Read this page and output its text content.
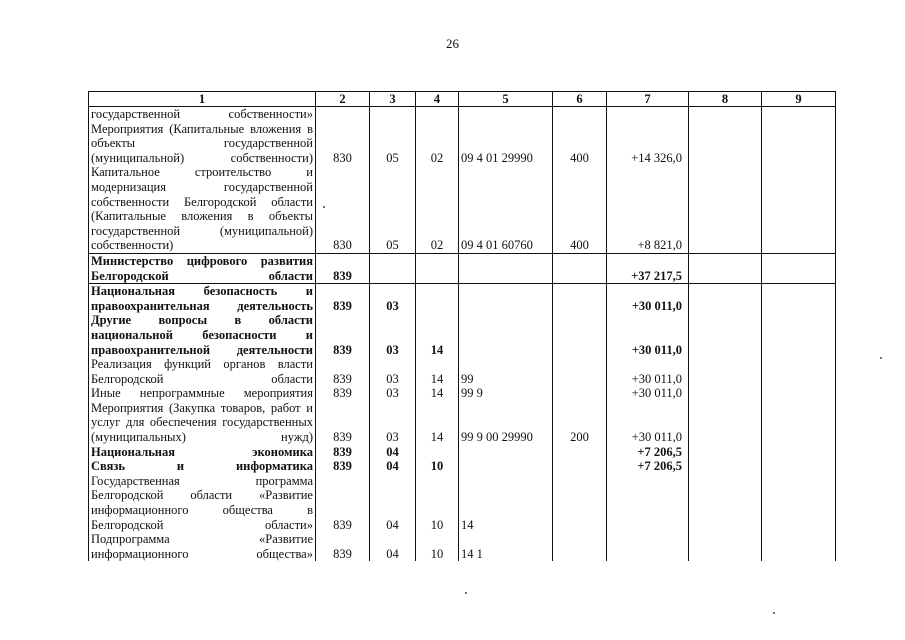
26
1	2	3	4	5	6	7	8	9
государственной собственности»								
Мероприятия (Капитальные вложения в объекты государственной (муниципальной) собственности)	830	05	02	09 4 01 29990	400	+14 326,0		
Капитальное строительство и модернизация государственной собственности Белгородской области (Капитальные вложения в объекты государственной (муниципальной) собственности)	830	05	02	09 4 01 60760	400	+8 821,0		
Министерство цифрового развития Белгородской области	839					+37 217,5		
Национальная безопасность и правоохранительная деятельность	839	03				+30 011,0		
Другие вопросы в области национальной безопасности и правоохранительной деятельности	839	03	14			+30 011,0		
Реализация функций органов власти Белгородской области	839	03	14	99		+30 011,0		
Иные непрограммные мероприятия	839	03	14	99 9		+30 011,0		
Мероприятия (Закупка товаров, работ и услуг для обеспечения государственных (муниципальных) нужд)	839	03	14	99 9 00 29990	200	+30 011,0		
Национальная экономика	839	04				+7 206,5		
Связь и информатика	839	04	10			+7 206,5		
Государственная программа Белгородской области «Развитие информационного общества в Белгородской области»	839	04	10	14				
Подпрограмма «Развитие информационного общества»	839	04	10	14 1				
